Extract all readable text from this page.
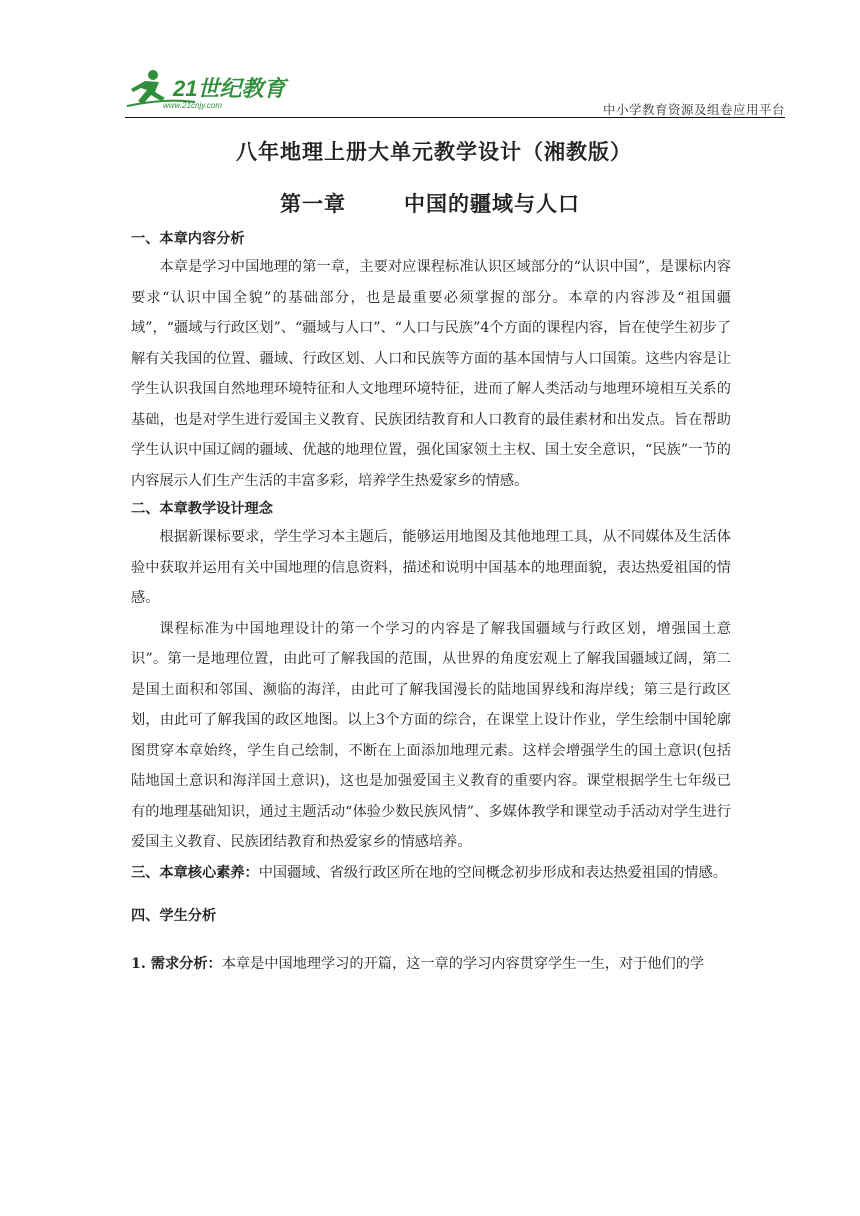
21世纪教育
www.21cnjy.com	中小学教育资源及组卷应用平台
八年地理上册大单元教学设计（湘教版）
第一章	中国的疆域与人口

一、本章内容分析

本章是学习中国地理的第一章，主要对应课程标准认识区域部分的“认识中国”，是课标内容要求“认识中国全貌”的基础部分，也是最重要必须掌握的部分。本章的内容涉及“祖国疆域”，“疆域与行政区划”、“疆域与人口”、“人口与民族”4个方面的课程内容，旨在使学生初步了解有关我国的位置、疆域、行政区划、人口和民族等方面的基本国情与人口国策。这些内容是让学生认识我国自然地理环境特征和人文地理环境特征，进而了解人类活动与地理环境相互关系的基础，也是对学生进行爱国主义教育、民族团结教育和人口教育的最佳素材和出发点。旨在帮助学生认识中国辽阔的疆域、优越的地理位置，强化国家领土主权、国土安全意识，“民族”一节的内容展示人们生产生活的丰富多彩，培养学生热爱家乡的情感。

二、本章教学设计理念

根据新课标要求，学生学习本主题后，能够运用地图及其他地理工具，从不同媒体及生活体验中获取并运用有关中国地理的信息资料，描述和说明中国基本的地理面貌，表达热爱祖国的情感。

课程标准为中国地理设计的第一个学习的内容是了解我国疆域与行政区划，增强国土意识”。第一是地理位置，由此可了解我国的范围，从世界的角度宏观上了解我国疆域辽阔，第二是国土面积和邻国、濒临的海洋，由此可了解我国漫长的陆地国界线和海岸线；第三是行政区划，由此可了解我国的政区地图。以上3个方面的综合，在课堂上设计作业，学生绘制中国轮廓图贯穿本章始终，学生自己绘制，不断在上面添加地理元素。这样会增强学生的国土意识(包括陆地国土意识和海洋国土意识)，这也是加强爱国主义教育的重要内容。课堂根据学生七年级已有的地理基础知识，通过主题活动“体验少数民族风情”、多媒体教学和课堂动手活动对学生进行爱国主义教育、民族团结教育和热爱家乡的情感培养。

三、本章核心素养：中国疆域、省级行政区所在地的空间概念初步形成和表达热爱祖国的情感。

四、学生分析

1. 需求分析：本章是中国地理学习的开篇，这一章的学习内容贯穿学生一生，对于他们的学
